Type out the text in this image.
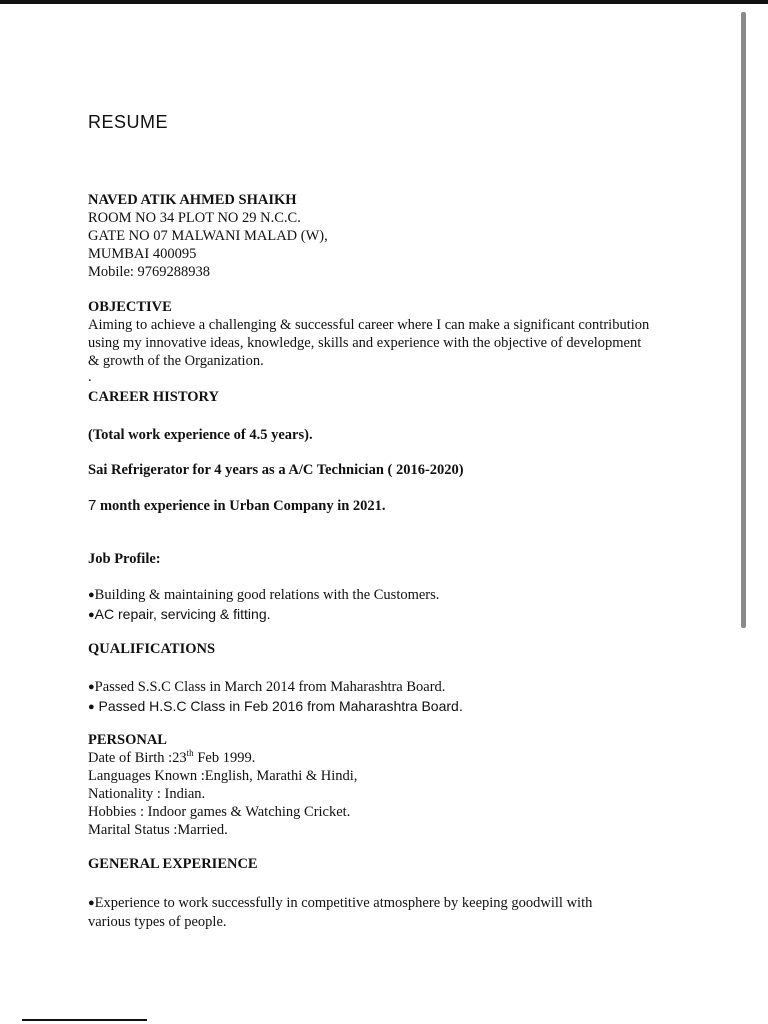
RESUME
NAVED ATIK AHMED SHAIKH
ROOM NO 34 PLOT NO 29 N.C.C.
GATE NO 07 MALWANI MALAD (W),
MUMBAI 400095
Mobile: 9769288938
OBJECTIVE
Aiming to achieve a challenging & successful career where I can make a significant contribution
using my innovative ideas, knowledge, skills and experience with the objective of development
& growth of the Organization.
.
CAREER HISTORY
(Total work experience of 4.5 years).
Sai Refrigerator for 4 years as a A/C Technician ( 2016-2020)
7 month experience in Urban Company in 2021.
Job Profile:
●Building & maintaining good relations with the Customers.
●AC repair, servicing & fitting.
QUALIFICATIONS
●Passed S.S.C Class in March 2014 from Maharashtra Board.
● Passed H.S.C Class in Feb 2016 from Maharashtra Board.
PERSONAL
Date of Birth :23th Feb 1999.
Languages Known :English, Marathi & Hindi,
Nationality : Indian.
Hobbies : Indoor games & Watching Cricket.
Marital Status :Married.
GENERAL EXPERIENCE
●Experience to work successfully in competitive atmosphere by keeping goodwill with
various types of people.
